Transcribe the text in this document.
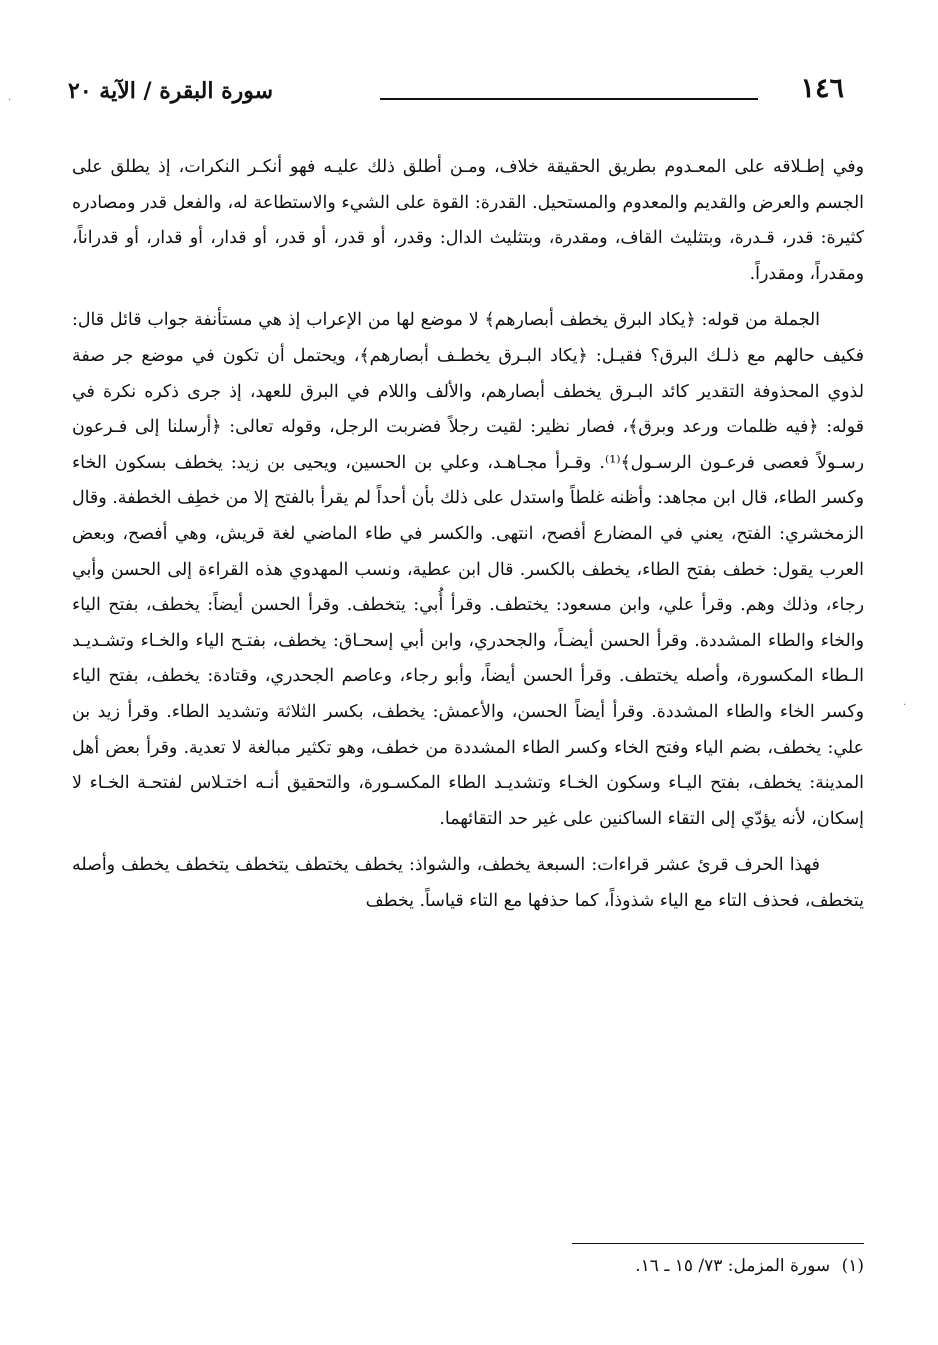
١٤٦
سورة البقرة / الآية ٢٠

وفي إطـلاقه على المعـدوم بطريق الحقيقة خلاف، ومـن أطلق ذلك عليـه فهو أنكـر النكرات، إذ يطلق على الجسم والعرض والقديم والمعدوم والمستحيل. القدرة: القوة على الشيء والاستطاعة له، والفعل قدر ومصادره كثيرة: قدر، قـدرة، وبتثليث القاف، ومقدرة، وبتثليث الدال: وقدر، أو قدر، أو قدر، أو قدار، أو قدار، أو قدراناً، ومقدراً، ومقدراً.

الجملة من قوله: ﴿يكاد البرق يخطف أبصارهم﴾ لا موضع لها من الإعراب إذ هي مستأنفة جواب قائل قال: فكيف حالهم مع ذلـك البرق؟ فقيـل: ﴿يكاد البـرق يخطـف أبصارهم﴾، ويحتمل أن تكون في موضع جر صفة لذوي المحذوفة التقدير كائد البـرق يخطف أبصارهم، والألف واللام في البرق للعهد، إذ جرى ذكره نكرة في قوله: ﴿فيه ظلمات ورعد وبرق﴾، فصار نظير: لقيت رجلاً فضربت الرجل، وقوله تعالى: ﴿أرسلنا إلى فـرعون رسـولاً فعصى فرعـون الرسـول﴾⁽¹⁾. وقـرأ مجـاهـد، وعلي بن الحسين، ويحيى بن زيد: يخطف بسكون الخاء وكسر الطاء، قال ابن مجاهد: وأظنه غلطاً واستدل على ذلك بأن أحداً لم يقرأ بالفتح إلا من خطِف الخطفة. وقال الزمخشري: الفتح، يعني في المضارع أفصح، انتهى. والكسر في طاء الماضي لغة قريش، وهي أفصح، وبعض العرب يقول: خطف بفتح الطاء، يخطف بالكسر. قال ابن عطية، ونسب المهدوي هذه القراءة إلى الحسن وأبي رجاء، وذلك وهم. وقرأ علي، وابن مسعود: يختطف. وقرأ أُبي: يتخطف. وقرأ الحسن أيضاً: يخطف، بفتح الياء والخاء والطاء المشددة. وقرأ الحسن أيضـاً، والجحدري، وابن أبي إسحـاق: يخطف، بفتـح الياء والخـاء وتشـديـد الـطاء المكسورة، وأصله يختطف. وقرأ الحسن أيضاً، وأبو رجاء، وعاصم الجحدري، وقتادة: يخطف، بفتح الياء وكسر الخاء والطاء المشددة. وقرأ أيضاً الحسن، والأعمش: يخطف، بكسر الثلاثة وتشديد الطاء. وقرأ زيد بن علي: يخطف، بضم الياء وفتح الخاء وكسر الطاء المشددة من خطف، وهو تكثير مبالغة لا تعدية. وقرأ بعض أهل المدينة: يخطف، بفتح اليـاء وسكون الخـاء وتشديـد الطاء المكسـورة، والتحقيق أنـه اختـلاس لفتحـة الخـاء لا إسكان، لأنه يؤدّي إلى التقاء الساكنين على غير حد التقائهما.

فهذا الحرف قرئ عشر قراءات: السبعة يخطف، والشواذ: يخطف يختطف يتخطف يتخطف يخطف وأصله يتخطف، فحذف التاء مع الياء شذوذاً، كما حذفها مع التاء قياساً. يخطف

(١) سورة المزمل: ٧٣/ ١٥ ـ ١٦.
·
·
